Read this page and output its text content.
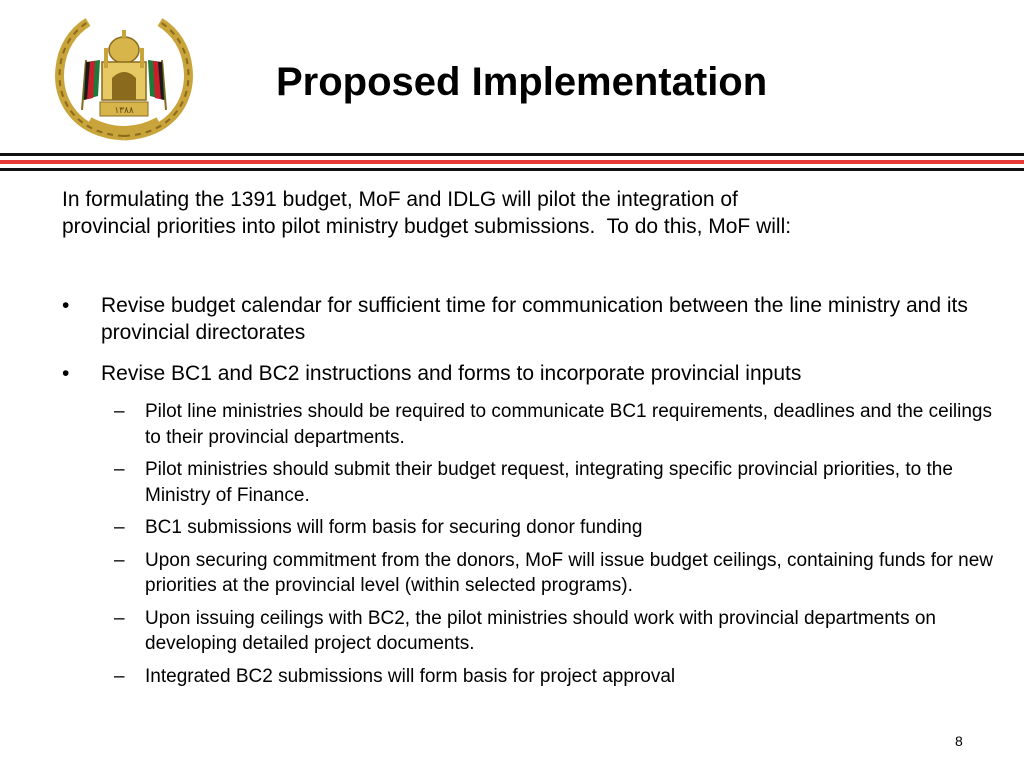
۱۳۸۸
Proposed Implementation

In formulating the 1391 budget, MoF and IDLG will pilot the integration of
provincial priorities into pilot ministry budget submissions.  To do this, MoF will:

• Revise budget calendar for sufficient time for communication between the line ministry and its provincial directorates
• Revise BC1 and BC2 instructions and forms to incorporate provincial inputs
– Pilot line ministries should be required to communicate BC1 requirements, deadlines and the ceilings to their provincial departments.
– Pilot ministries should submit their budget request, integrating specific provincial priorities, to the Ministry of Finance.
– BC1 submissions will form basis for securing donor funding
– Upon securing commitment from the donors, MoF will issue budget ceilings, containing funds for new priorities at the provincial level (within selected programs).
– Upon issuing ceilings with BC2, the pilot ministries should work with provincial departments on developing detailed project documents.
– Integrated BC2 submissions will form basis for project approval
8
